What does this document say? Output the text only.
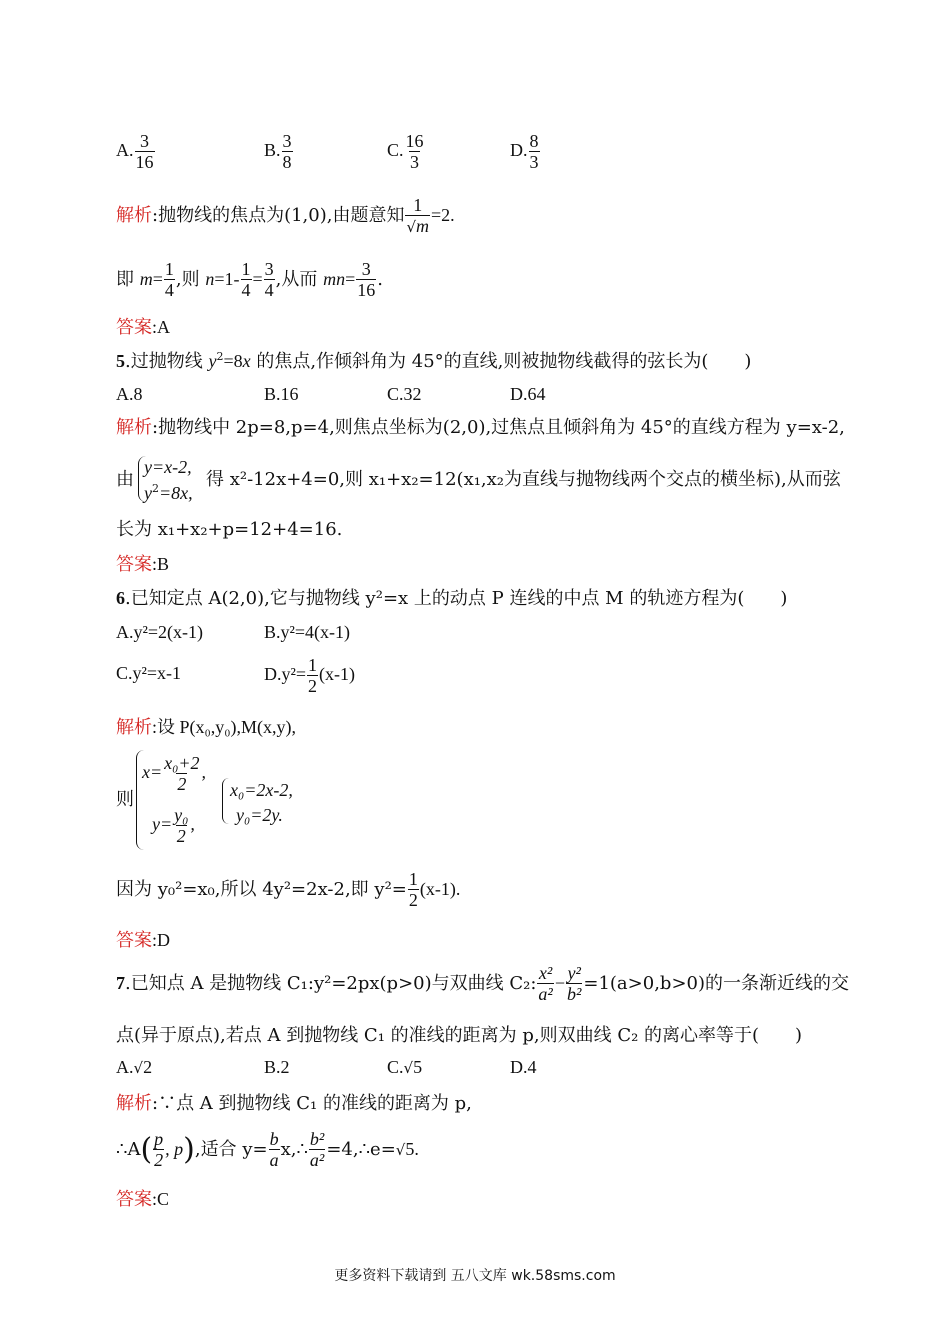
A. $\frac{3}{16}$	B. $\frac{3}{8}$	C. $\frac{16}{3}$	D. $\frac{8}{3}$
解析:抛物线的焦点为(1,0),由题意知 $\frac{1}{√m} =2$.
即 $m= \frac{1}{4}$ ,则 $n=1- \frac{1}{4} = \frac{3}{4}$ ,从而 $mn= \frac{3}{16}$ .
答案:A
5.过抛物线 $y^2=8x$ 的焦点,作倾斜角为 45°的直线,则被抛物线截得的弦长为(　　)
A.8	B.16	C.32	D.64
解析:抛物线中 2p=8,p=4,则焦点坐标为(2,0),过焦点且倾斜角为 45°的直线方程为 y=x-2,
由
y=x-2,
$y^2=8x$,
得 x²-12x+4=0,则 x₁+x₂=12(x₁,x₂为直线与抛物线两个交点的横坐标),从而弦
长为 x₁+x₂+p=12+4=16.
答案:B
6.已知定点 A(2,0),它与抛物线 y²=x 上的动点 P 连线的中点 M 的轨迹方程为(　　)
A.y²=2(x-1)	B.y²=4(x-1)
C.y²=x-1	$D.y^2= \frac{1}{2} (x-1)$
解析:设 P(x₀,y₀),M(x,y),
则
$x= \frac{\text{x₀+2}}{2}$ ,
$y= \frac{\text{y₀}}{2}$ ,
x₀=2x-2,
y₀=2y.
因为 y₀²=x₀,所以 4y²=2x-2,即 $y^2= \frac{1}{2} (x-1)$.
答案:D
7.已知点 A 是抛物线 C₁:y²=2px(p>0)与双曲线 C₂: $\frac{\text{x²}}{\text{a²}} - \frac{\text{y²}}{\text{b²}} =1(a>0,b>0)$的一条渐近线的交
点(异于原点),若点 A 到抛物线 C₁ 的准线的距离为 p,则双曲线 C₂ 的离心率等于(　　)
A.√2	B.2	C.√5	D.4
解析:∵点 A 到抛物线 C₁ 的准线的距离为 p,
∴A( $\frac{p}{2}$ , p),适合 $y= \frac{b}{a}$ x,∴ $\frac{\text{b²}}{\text{a²}}$ =4,∴e=√5.
答案:C
更多资料下载请到 五八文库 wk.58sms.com
